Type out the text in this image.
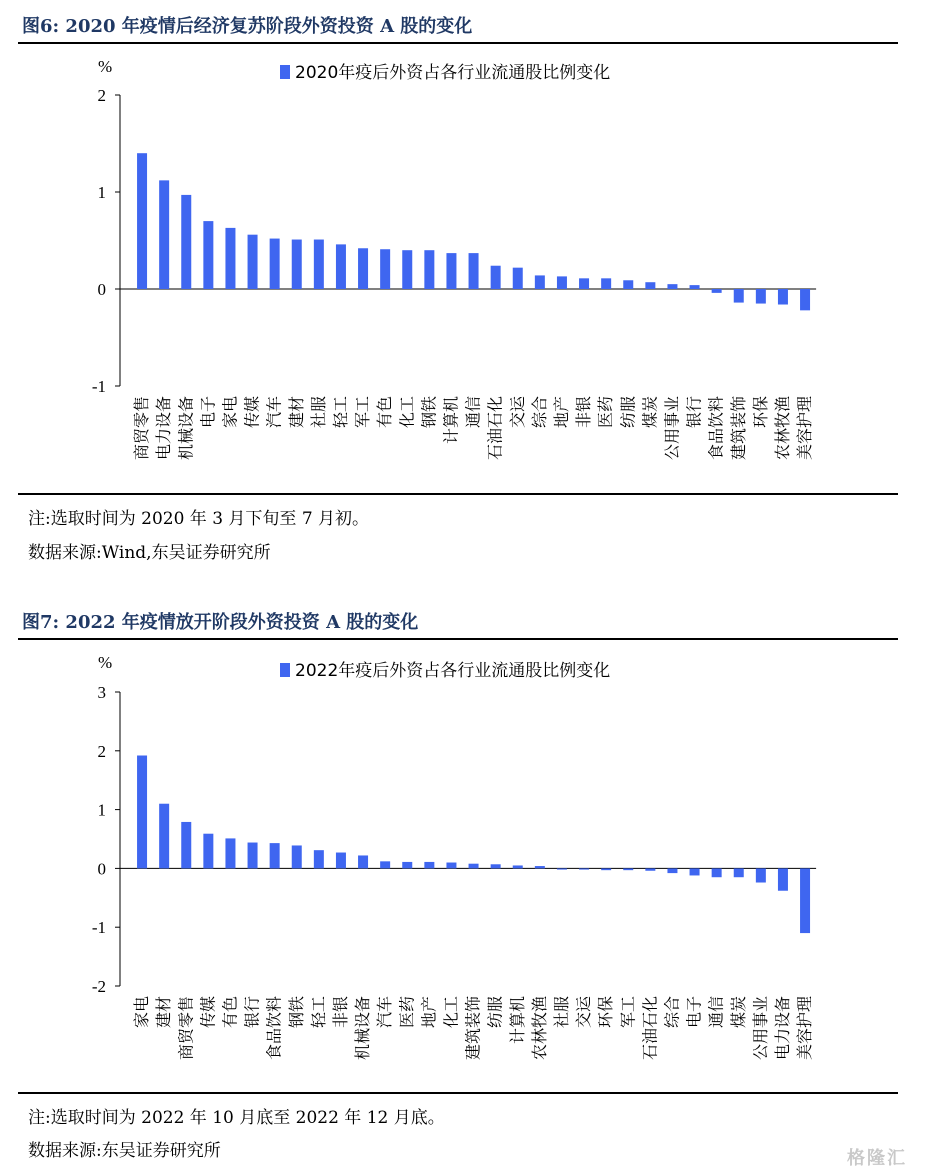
图6: 2020 年疫情后经济复苏阶段外资投资 A 股的变化
%	2020年疫后外资占各行业流通股比例变化
2
1
0
-1
商贸零售 电力设备 机械设备 电子 家电 传媒 汽车 建材 社服 轻工 军工 有色 化工 钢铁 计算机 通信 石油石化 交运 综合 地产 非银 医药 纺服 煤炭 公用事业 银行 食品饮料 建筑装饰 环保 农林牧渔 美容护理
注:选取时间为 2020 年 3 月下旬至 7 月初。
数据来源:Wind,东吴证券研究所
图7: 2022 年疫情放开阶段外资投资 A 股的变化
%	2022年疫后外资占各行业流通股比例变化
3
2
1
0
-1
-2
家电 建材 商贸零售 传媒 有色 银行 食品饮料 钢铁 轻工 非银 机械设备 汽车 医药 地产 化工 建筑装饰 纺服 计算机 农林牧渔 社服 交运 环保 军工 石油石化 综合 电子 通信 煤炭 公用事业 电力设备 美容护理
注:选取时间为 2022 年 10 月底至 2022 年 12 月底。
数据来源:东吴证券研究所	格隆汇
